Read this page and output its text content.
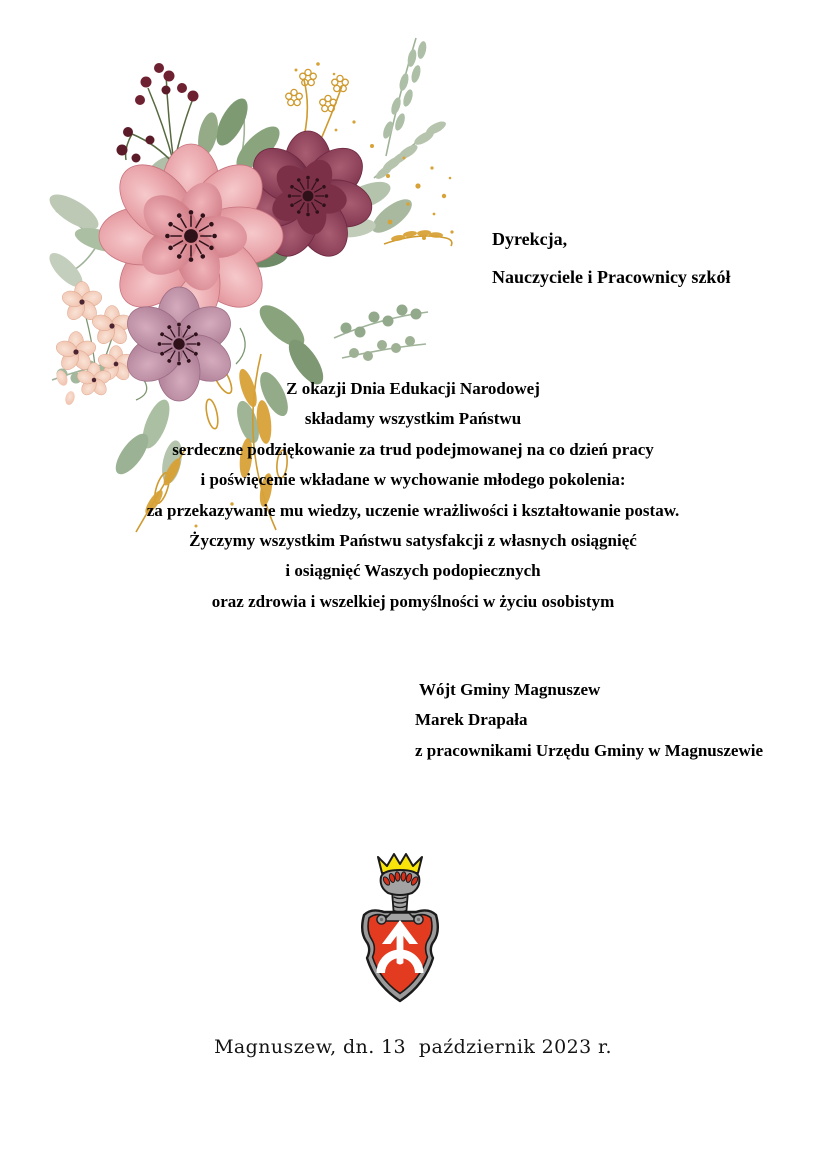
Dyrekcja,
Nauczyciele i Pracownicy szkół
Z okazji Dnia Edukacji Narodowej
składamy wszystkim Państwu
serdeczne podziękowanie za trud podejmowanej na co dzień pracy
i poświęcenie wkładane w wychowanie młodego pokolenia:
za przekazywanie mu wiedzy, uczenie wrażliwości i kształtowanie postaw.
Życzymy wszystkim Państwu satysfakcji z własnych osiągnięć
i osiągnięć Waszych podopiecznych
oraz zdrowia i wszelkiej pomyślności w życiu osobistym
Wójt Gminy Magnuszew
Marek Drapała
z pracownikami Urzędu Gminy w Magnuszewie
Magnuszew, dn. 13  październik 2023 r.
